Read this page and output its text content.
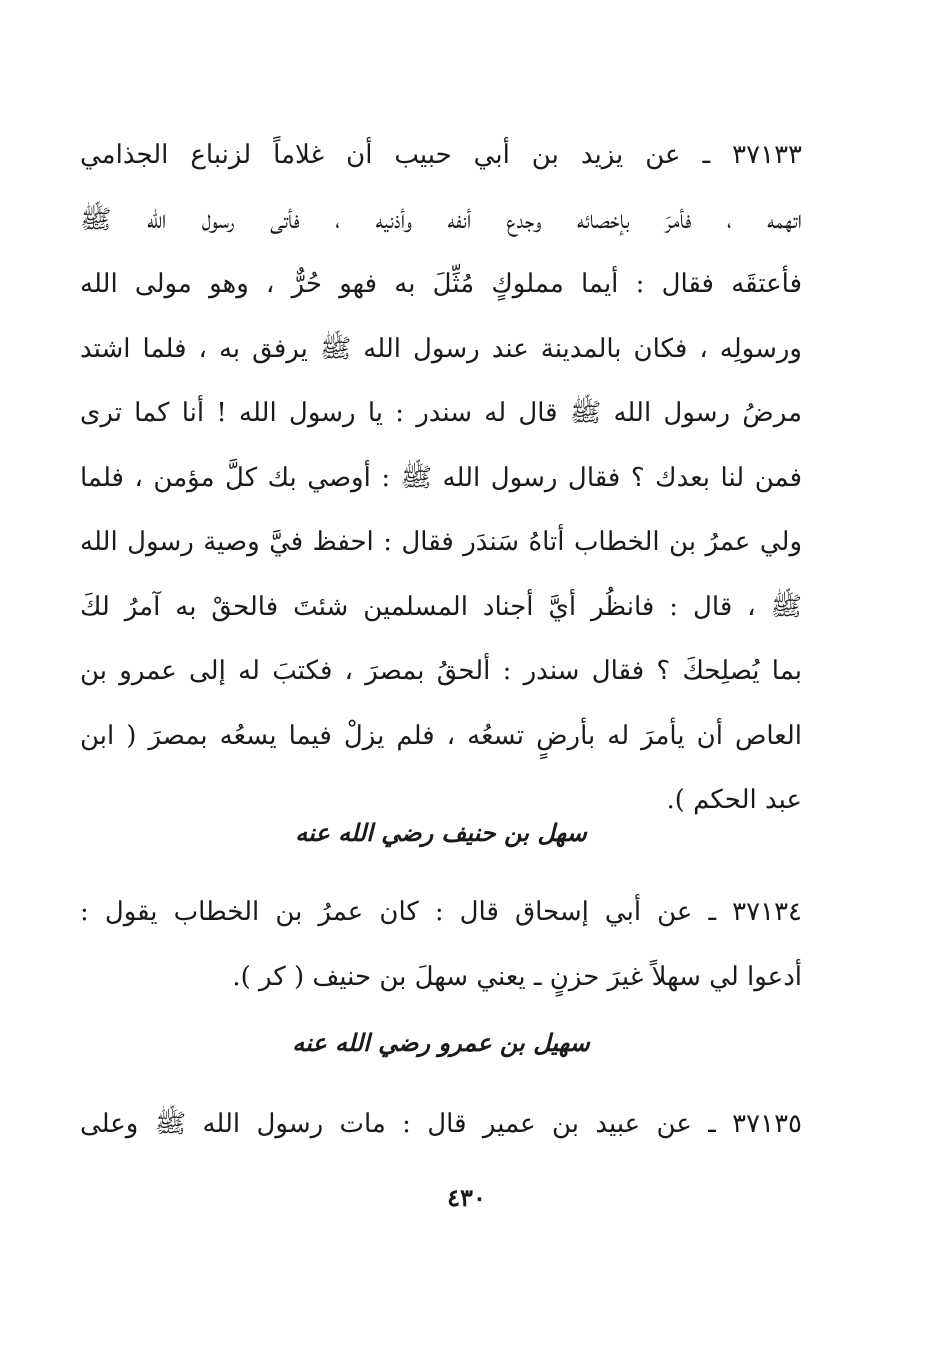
٣٧١٣٣ ـ عن يزيد بن أبي حبيب أن غلاماً لزنباع الجذامي
اتهمه ، فأمرَ بإخصائه وجدع أنفه وأذنيه ، فأتى رسول الله ﷺ
فأعتقَه فقال : أيما مملوكٍ مُثِّلَ به فهو حُرٌّ ، وهو مولى الله
ورسولِه ، فكان بالمدينة عند رسول الله ﷺ يرفق به ، فلما اشتد
مرضُ رسول الله ﷺ قال له سندر : يا رسول الله ! أنا كما ترى
فمن لنا بعدك ؟ فقال رسول الله ﷺ : أوصي بك كلَّ مؤمن ، فلما
ولي عمرُ بن الخطاب أتاهُ سَندَر فقال : احفظ فيَّ وصية رسول الله
ﷺ ، قال : فانظُر أيَّ أجناد المسلمين شئتَ فالحقْ به آمرُ لكَ
بما يُصلِحكَ ؟ فقال سندر : ألحقُ بمصرَ ، فكتبَ له إلى عمرو بن
العاص أن يأمرَ له بأرضٍ تسعُه ، فلم يزلْ فيما يسعُه بمصرَ ( ابن
عبد الحكم ).
سهل بن حنيف رضي الله عنه
٣٧١٣٤ ـ عن أبي إسحاق قال : كان عمرُ بن الخطاب يقول :
أدعوا لي سهلاً غيرَ حزنٍ ـ يعني سهلَ بن حنيف ( كر ).
سهيل بن عمرو رضي الله عنه
٣٧١٣٥ ـ عن عبيد بن عمير قال : مات رسول الله ﷺ وعلى

٤٣٠
